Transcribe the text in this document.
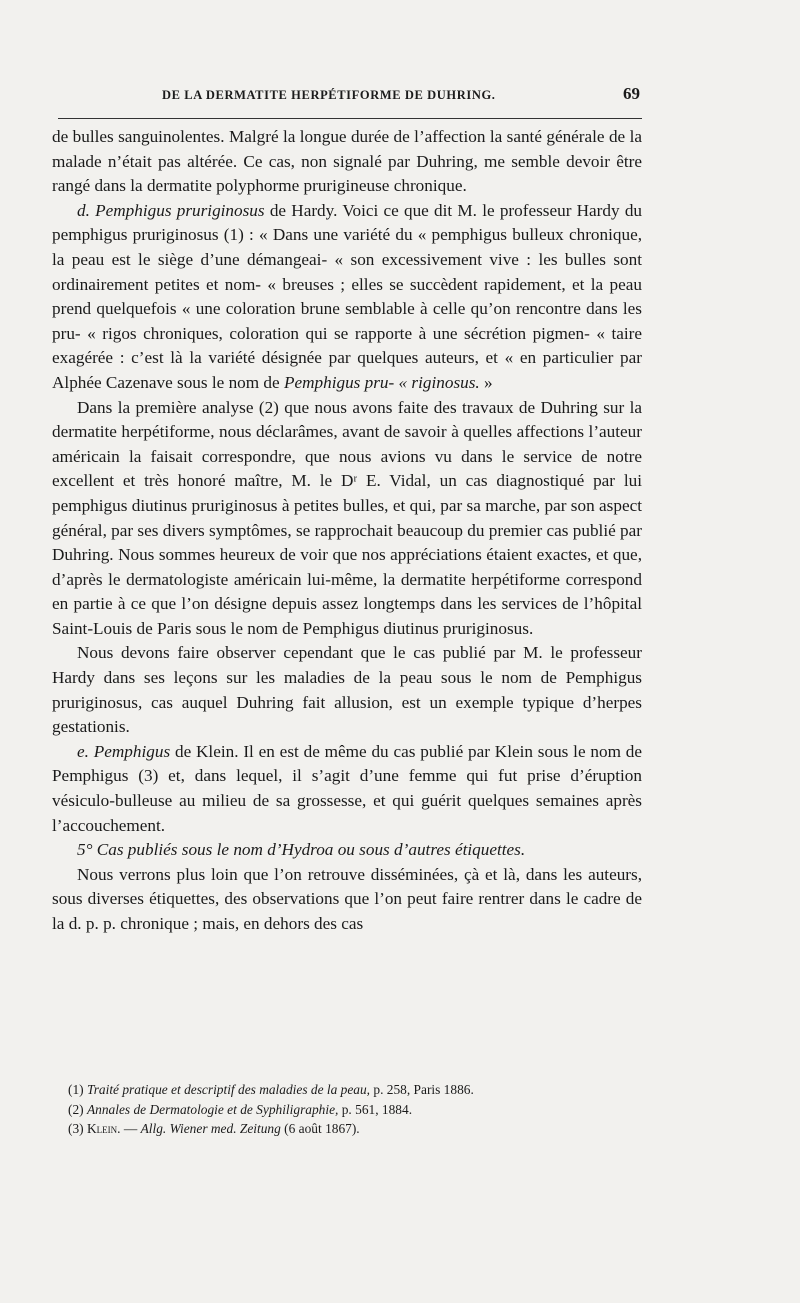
DE LA DERMATITE HERPÉTIFORME DE DUHRING.	69

de bulles sanguinolentes. Malgré la longue durée de l’affection la santé générale de la malade n’était pas altérée. Ce cas, non signalé par Duhring, me semble devoir être rangé dans la dermatite polyphorme prurigineuse chronique.

d. Pemphigus pruriginosus de Hardy. Voici ce que dit M. le professeur Hardy du pemphigus pruriginosus (1) : « Dans une variété du « pemphigus bulleux chronique, la peau est le siège d’une démangeai- « son excessivement vive : les bulles sont ordinairement petites et nom- « breuses ; elles se succèdent rapidement, et la peau prend quelquefois « une coloration brune semblable à celle qu’on rencontre dans les pru- « rigos chroniques, coloration qui se rapporte à une sécrétion pigmen- « taire exagérée : c’est là la variété désignée par quelques auteurs, et « en particulier par Alphée Cazenave sous le nom de Pemphigus pru- « riginosus. »

Dans la première analyse (2) que nous avons faite des travaux de Duhring sur la dermatite herpétiforme, nous déclarâmes, avant de savoir à quelles affections l’auteur américain la faisait correspondre, que nous avions vu dans le service de notre excellent et très honoré maître, M. le Dʳ E. Vidal, un cas diagnostiqué par lui pemphigus diutinus pruriginosus à petites bulles, et qui, par sa marche, par son aspect général, par ses divers symptômes, se rapprochait beaucoup du premier cas publié par Duhring. Nous sommes heureux de voir que nos appréciations étaient exactes, et que, d’après le dermatologiste américain lui-même, la dermatite herpétiforme correspond en partie à ce que l’on désigne depuis assez longtemps dans les services de l’hôpital Saint-Louis de Paris sous le nom de Pemphigus diutinus pruriginosus.

Nous devons faire observer cependant que le cas publié par M. le professeur Hardy dans ses leçons sur les maladies de la peau sous le nom de Pemphigus pruriginosus, cas auquel Duhring fait allusion, est un exemple typique d’herpes gestationis.

e. Pemphigus de Klein. Il en est de même du cas publié par Klein sous le nom de Pemphigus (3) et, dans lequel, il s’agit d’une femme qui fut prise d’éruption vésiculo-bulleuse au milieu de sa grossesse, et qui guérit quelques semaines après l’accouchement.

5° Cas publiés sous le nom d’Hydroa ou sous d’autres étiquettes.

Nous verrons plus loin que l’on retrouve disséminées, çà et là, dans les auteurs, sous diverses étiquettes, des observations que l’on peut faire rentrer dans le cadre de la d. p. p. chronique ; mais, en dehors des cas

(1) Traité pratique et descriptif des maladies de la peau, p. 258, Paris 1886.
(2) Annales de Dermatologie et de Syphiligraphie, p. 561, 1884.
(3) Klein. — Allg. Wiener med. Zeitung (6 août 1867).
